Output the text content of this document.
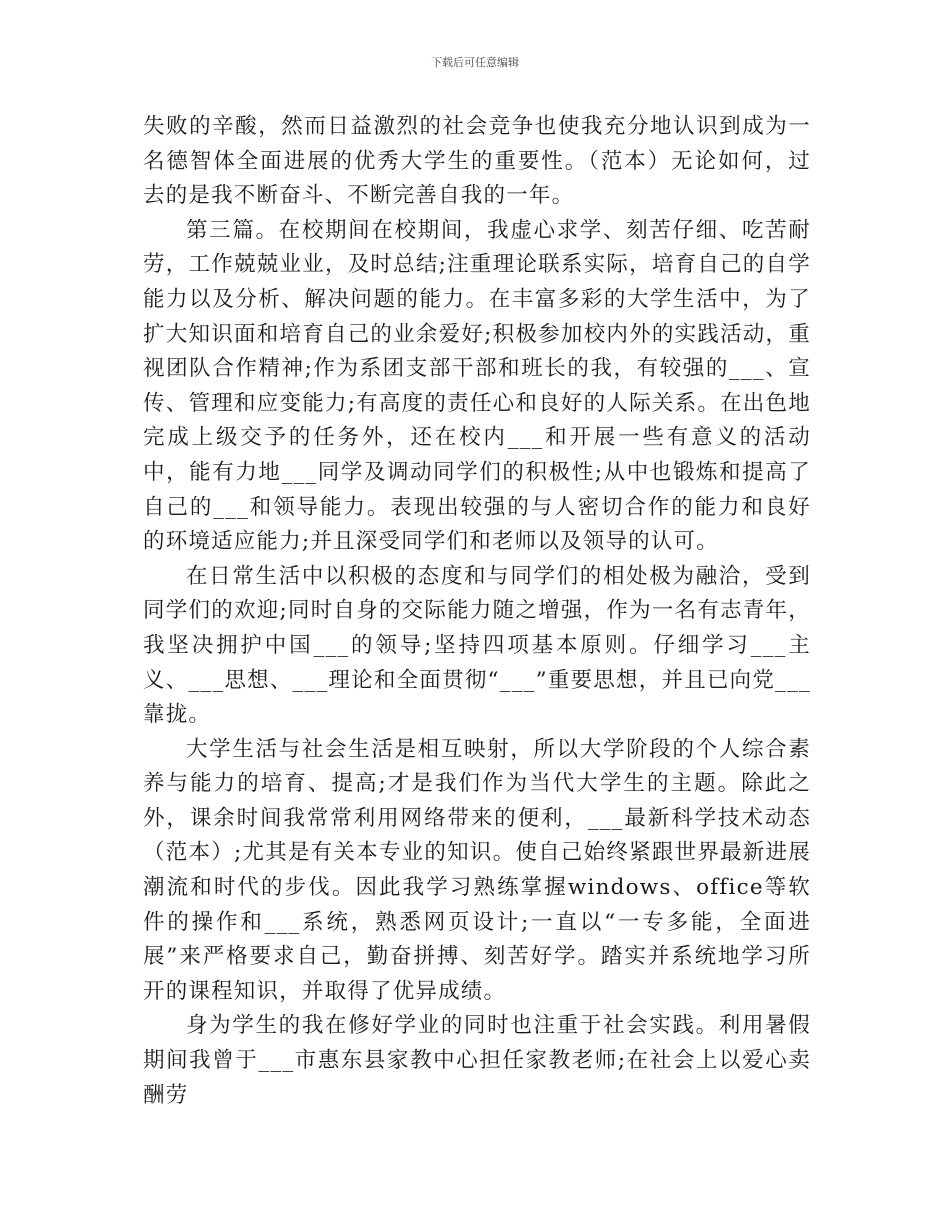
下载后可任意编辑

失败的辛酸，然而日益激烈的社会竞争也使我充分地认识到成为一名德智体全面进展的优秀大学生的重要性。（范本）无论如何，过去的是我不断奋斗、不断完善自我的一年。

第三篇。在校期间在校期间，我虚心求学、刻苦仔细、吃苦耐劳，工作兢兢业业，及时总结;注重理论联系实际，培育自己的自学能力以及分析、解决问题的能力。在丰富多彩的大学生活中，为了扩大知识面和培育自己的业余爱好;积极参加校内外的实践活动，重视团队合作精神;作为系团支部干部和班长的我，有较强的___、宣传、管理和应变能力;有高度的责任心和良好的人际关系。在出色地完成上级交予的任务外，还在校内___和开展一些有意义的活动中，能有力地___同学及调动同学们的积极性;从中也锻炼和提高了自己的___和领导能力。表现出较强的与人密切合作的能力和良好的环境适应能力;并且深受同学们和老师以及领导的认可。

在日常生活中以积极的态度和与同学们的相处极为融洽，受到同学们的欢迎;同时自身的交际能力随之增强，作为一名有志青年，我坚决拥护中国___的领导;坚持四项基本原则。仔细学习___主义、___思想、___理论和全面贯彻“___”重要思想，并且已向党___靠拢。

大学生活与社会生活是相互映射，所以大学阶段的个人综合素养与能力的培育、提高;才是我们作为当代大学生的主题。除此之外，课余时间我常常利用网络带来的便利，___最新科学技术动态（范本）;尤其是有关本专业的知识。使自己始终紧跟世界最新进展潮流和时代的步伐。因此我学习熟练掌握windows、office等软件的操作和___系统，熟悉网页设计;一直以“一专多能，全面进展”来严格要求自己，勤奋拼搏、刻苦好学。踏实并系统地学习所开的课程知识，并取得了优异成绩。

身为学生的我在修好学业的同时也注重于社会实践。利用暑假期间我曾于___市惠东县家教中心担任家教老师;在社会上以爱心卖酬劳
